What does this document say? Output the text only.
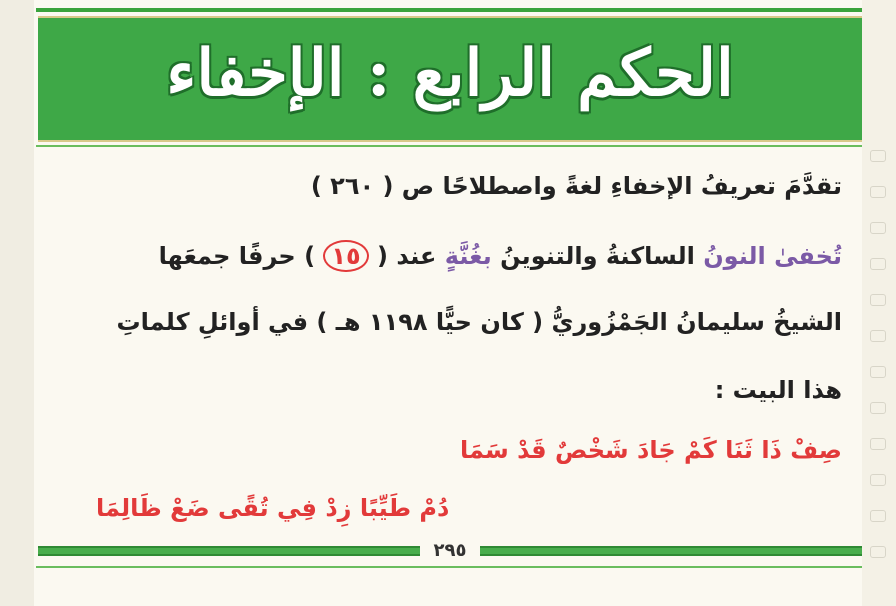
الحكم الرابع : الإخفاء
تقدَّمَ تعريفُ الإخفاءِ لغةً واصطلاحًا ص ( ٢٦٠ )
تُخفىٰ النونُ الساكنةُ والتنوينُ بغُنَّةٍ عند ( ١٥ ) حرفًا جمعَها
الشيخُ سليمانُ الجَمْزُوريُّ ( كان حيًّا ١١٩٨ هـ ) في أوائلِ كلماتِ
هذا البيت :
صِفْ ذَا ثَنَا كَمْ جَادَ شَخْصٌ قَدْ سَمَا
دُمْ طَيِّبًا زِدْ فِي تُقًى ضَعْ ظَالِمَا
٢٩٥
